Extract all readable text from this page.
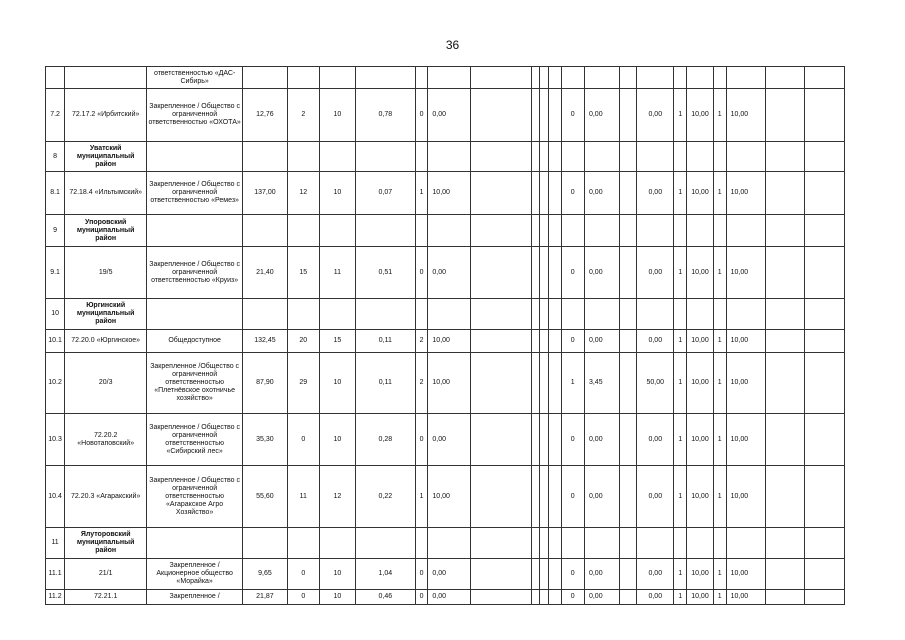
36
		ответственностью «ДАС-Сибирь»																				
7.2	72.17.2 «Ирбитский»	Закрепленное / Общество с ограниченной ответственностью «ОХОТА»	12,76	2	10	0,78	0	0,00					0	0,00		0,00	1	10,00	1	10,00		
8	Уватский муниципальный район																					
8.1	72.18.4 «Ильтымский»	Закрепленное / Общество с ограниченной ответственностью «Ремез»	137,00	12	10	0,07	1	10,00					0	0,00		0,00	1	10,00	1	10,00		
9	Упоровский муниципальный район																					
9.1	19/5	Закрепленное / Общество с ограниченной ответственностью «Круиз»	21,40	15	11	0,51	0	0,00					0	0,00		0,00	1	10,00	1	10,00		
10	Юргинский муниципальный район																					
10.1	72.20.0 «Юргинское»	Общедоступное	132,45	20	15	0,11	2	10,00					0	0,00		0,00	1	10,00	1	10,00		
10.2	20/3	Закрепленное /Общество с ограниченной ответственностью «Плетнёвское охотничье хозяйство»	87,90	29	10	0,11	2	10,00					1	3,45		50,00	1	10,00	1	10,00		
10.3	72.20.2 «Новотаповский»	Закрепленное / Общество с ограниченной ответственностью «Сибирский лес»	35,30	0	10	0,28	0	0,00					0	0,00		0,00	1	10,00	1	10,00		
10.4	72.20.3 «Агаракский»	Закрепленное / Общество с ограниченной ответственностью «Агаракское Агро Хозяйство»	55,60	11	12	0,22	1	10,00					0	0,00		0,00	1	10,00	1	10,00		
11	Ялуторовский муниципальный район																					
11.1	21/1	Закрепленное / Акционерное общество «Морайка»	9,65	0	10	1,04	0	0,00					0	0,00		0,00	1	10,00	1	10,00		
11.2	72.21.1	Закрепленное /	21,87	0	10	0,46	0	0,00					0	0,00		0,00	1	10,00	1	10,00		
